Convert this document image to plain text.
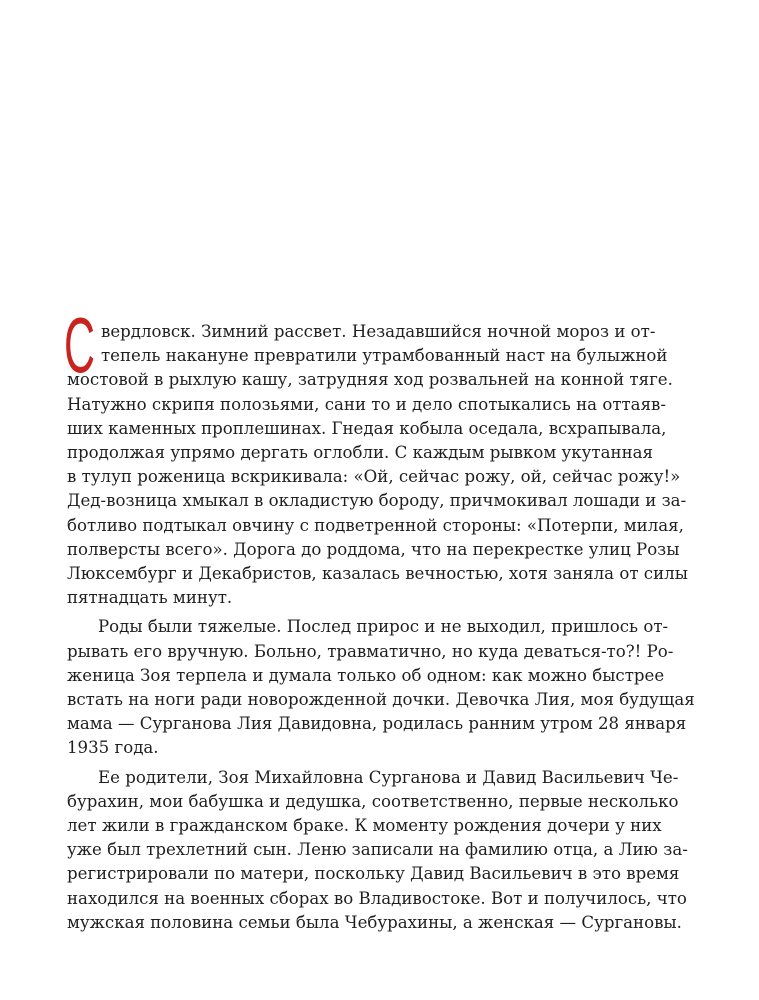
С вердловск. Зимний рассвет. Незадавшийся ночной мороз и от-
тепель накануне превратили утрамбованный наст на булыжной
мостовой в рыхлую кашу, затрудняя ход розвальней на конной тяге.
Натужно скрипя полозьями, сани то и дело спотыкались на оттаяв-
ших каменных проплешинах. Гнедая кобыла оседала, всхрапывала,
продолжая упрямо дергать оглобли. С каждым рывком укутанная
в тулуп роженица вскрикивала: «Ой, сейчас рожу, ой, сейчас рожу!»
Дед-возница хмыкал в окладистую бороду, причмокивал лошади и за-
ботливо подтыкал овчину с подветренной стороны: «Потерпи, милая,
полверсты всего». Дорога до роддома, что на перекрестке улиц Розы
Люксембург и Декабристов, казалась вечностью, хотя заняла от силы
пятнадцать минут.
Роды были тяжелые. Послед прирос и не выходил, пришлось от-
рывать его вручную. Больно, травматично, но куда деваться-то?! Ро-
женица Зоя терпела и думала только об одном: как можно быстрее
встать на ноги ради новорожденной дочки. Девочка Лия, моя будущая
мама — Сурганова Лия Давидовна, родилась ранним утром 28 января
1935 года.
Ее родители, Зоя Михайловна Сурганова и Давид Васильевич Че-
бурахин, мои бабушка и дедушка, соответственно, первые несколько
лет жили в гражданском браке. К моменту рождения дочери у них
уже был трехлетний сын. Леню записали на фамилию отца, а Лию за-
регистрировали по матери, поскольку Давид Васильевич в это время
находился на военных сборах во Владивостоке. Вот и получилось, что
мужская половина семьи была Чебурахины, а женская — Сургановы.
